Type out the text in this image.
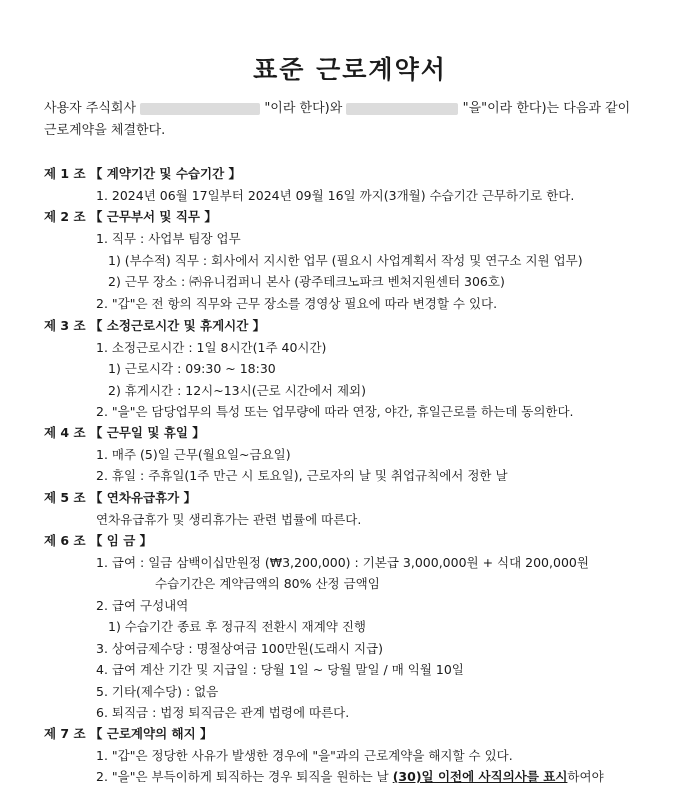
표준 근로계약서
사용자 주식회사	"이라 한다)와	"을"이라 한다)는 다음과 같이
근로계약을 체결한다.
제 1 조 【 계약기간 및 수습기간 】
1. 2024년 06월 17일부터 2024년 09월 16일 까지(3개월) 수습기간 근무하기로 한다.
제 2 조 【 근무부서 및 직무 】
1. 직무 : 사업부 팀장 업무
1) (부수적) 직무 : 회사에서 지시한 업무 (필요시 사업계획서 작성 및 연구소 지원 업무)
2) 근무 장소 : ㈜유니컴퍼니 본사 (광주테크노파크 벤처지원센터 306호)
2. "갑"은 전 항의 직무와 근무 장소를 경영상 필요에 따라 변경할 수 있다.
제 3 조 【 소정근로시간 및 휴게시간 】
1. 소정근로시간 : 1일 8시간(1주 40시간)
1) 근로시각 : 09:30 ~ 18:30
2) 휴게시간 : 12시~13시(근로 시간에서 제외)
2. "을"은 담당업무의 특성 또는 업무량에 따라 연장, 야간, 휴일근로를 하는데 동의한다.
제 4 조 【 근무일 및 휴일 】
1. 매주 (5)일 근무(월요일~금요일)
2. 휴일 : 주휴일(1주 만근 시 토요일), 근로자의 날 및 취업규칙에서 정한 날
제 5 조 【 연차유급휴가 】
연차유급휴가 및 생리휴가는 관련 법률에 따른다.
제 6 조 【 임 금 】
1. 급여 : 일금 삼백이십만원정 (₩3,200,000) : 기본급 3,000,000원 + 식대 200,000원
수습기간은 계약금액의 80% 산정 금액임
2. 급여 구성내역
1) 수습기간 종료 후 정규직 전환시 재계약 진행
3. 상여금제수당 : 명절상여금 100만원(도래시 지급)
4. 급여 계산 기간 및 지급일 : 당월 1일 ~ 당월 말일 / 매 익월 10일
5. 기타(제수당) : 없음
6. 퇴직금 : 법정 퇴직금은 관계 법령에 따른다.
제 7 조 【 근로계약의 해지 】
1. "갑"은 정당한 사유가 발생한 경우에 "을"과의 근로계약을 해지할 수 있다.
2. "을"은 부득이하게 퇴직하는 경우 퇴직을 원하는 날 (30)일 이전에 사직의사를 표시하여야
